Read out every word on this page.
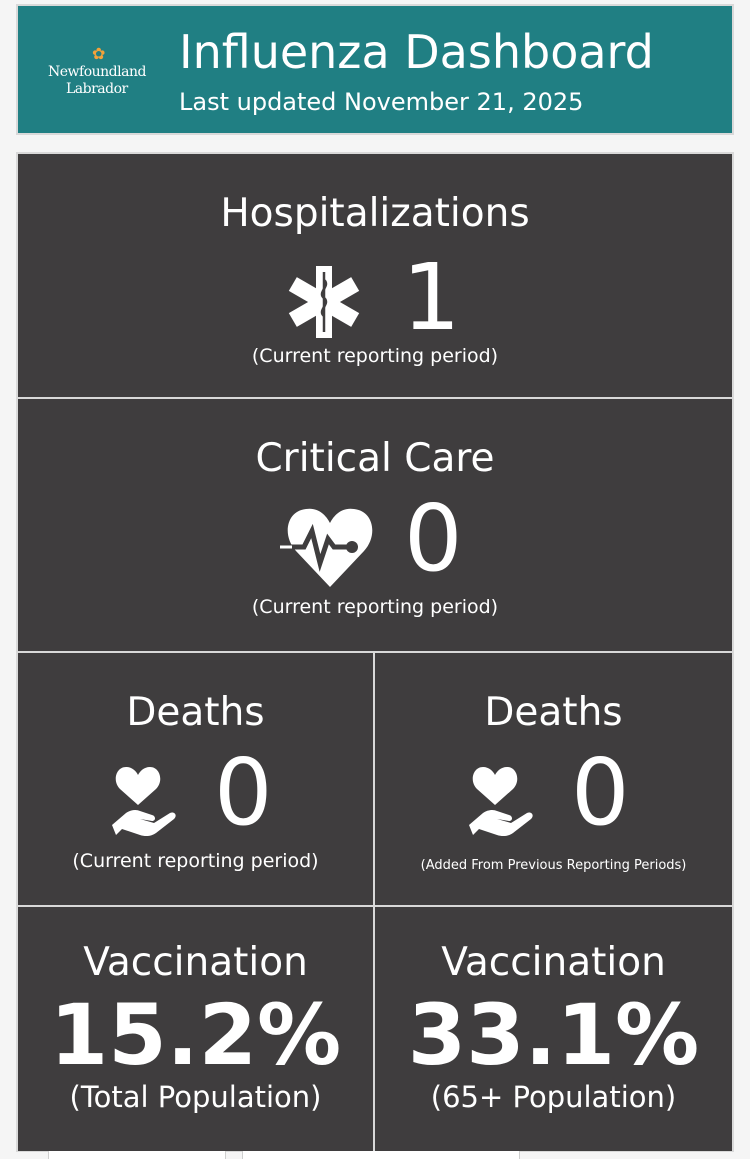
✿
Newfoundland
Labrador
Influenza Dashboard
Last updated November 21, 2025
Hospitalizations
1
(Current reporting period)
Critical Care
0
(Current reporting period)
Deaths
0
(Current reporting period)
Deaths
0
(Added From Previous Reporting Periods)
Vaccination
15.2%
(Total Population)
Vaccination
33.1%
(65+ Population)
